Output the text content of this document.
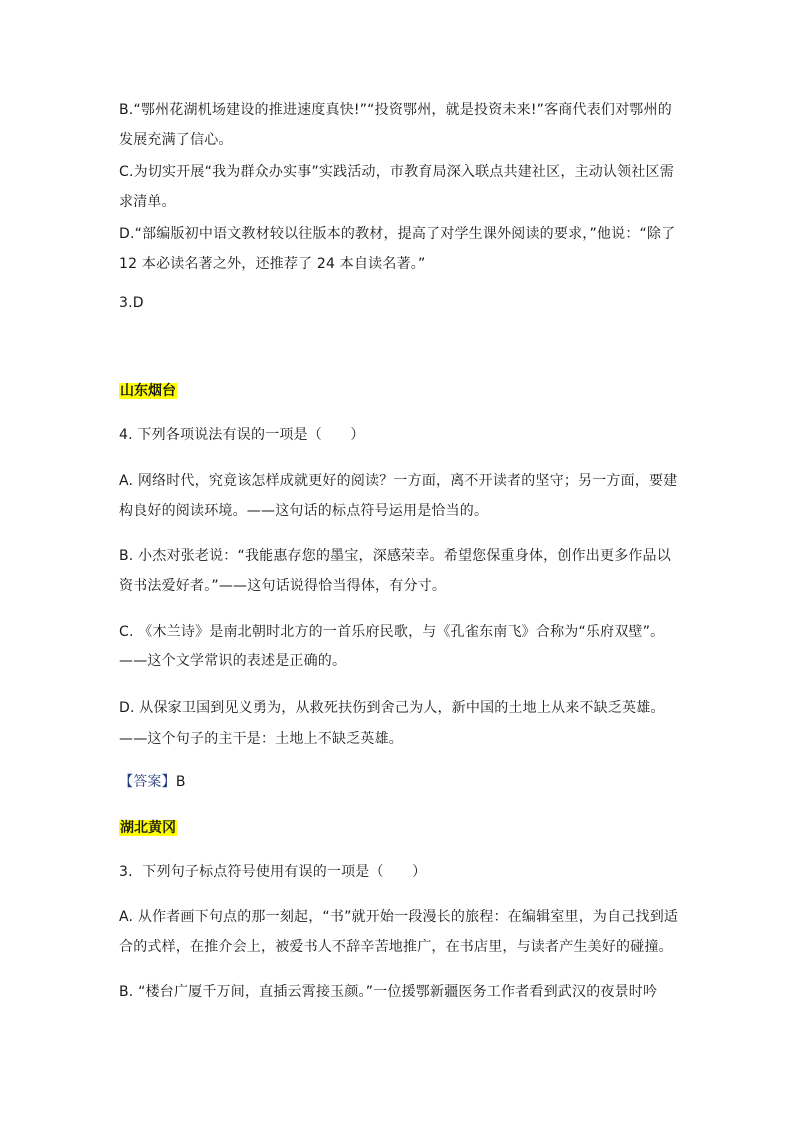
B.“鄂州花湖机场建设的推进速度真快!”“投资鄂州，就是投资未来!”客商代表们对鄂州的发展充满了信心。

C.为切实开展“我为群众办实事”实践活动，市教育局深入联点共建社区，主动认领社区需求清单。

D.“部编版初中语文教材较以往版本的教材，提高了对学生课外阅读的要求，”他说：“除了 12 本必读名著之外，还推荐了 24 本自读名著。”

3.D

山东烟台

4. 下列各项说法有误的一项是（　　）

A. 网络时代，究竟该怎样成就更好的阅读？一方面，离不开读者的坚守；另一方面，要建构良好的阅读环境。——这句话的标点符号运用是恰当的。

B. 小杰对张老说：“我能惠存您的墨宝，深感荣幸。希望您保重身体，创作出更多作品以资书法爱好者。”——这句话说得恰当得体，有分寸。

C. 《木兰诗》是南北朝时北方的一首乐府民歌，与《孔雀东南飞》合称为“乐府双壁”。

——这个文学常识的表述是正确的。

D. 从保家卫国到见义勇为，从救死扶伤到舍己为人，新中国的土地上从来不缺乏英雄。

——这个句子的主干是：土地上不缺乏英雄。

【答案】B

湖北黄冈

3．下列句子标点符号使用有误的一项是（　　）

A. 从作者画下句点的那一刻起，“书”就开始一段漫长的旅程：在编辑室里，为自己找到适合的式样，在推介会上，被爱书人不辞辛苦地推广，在书店里，与读者产生美好的碰撞。

B. “楼台广厦千万间，直插云霄接玉颜。”一位援鄂新疆医务工作者看到武汉的夜景时吟
